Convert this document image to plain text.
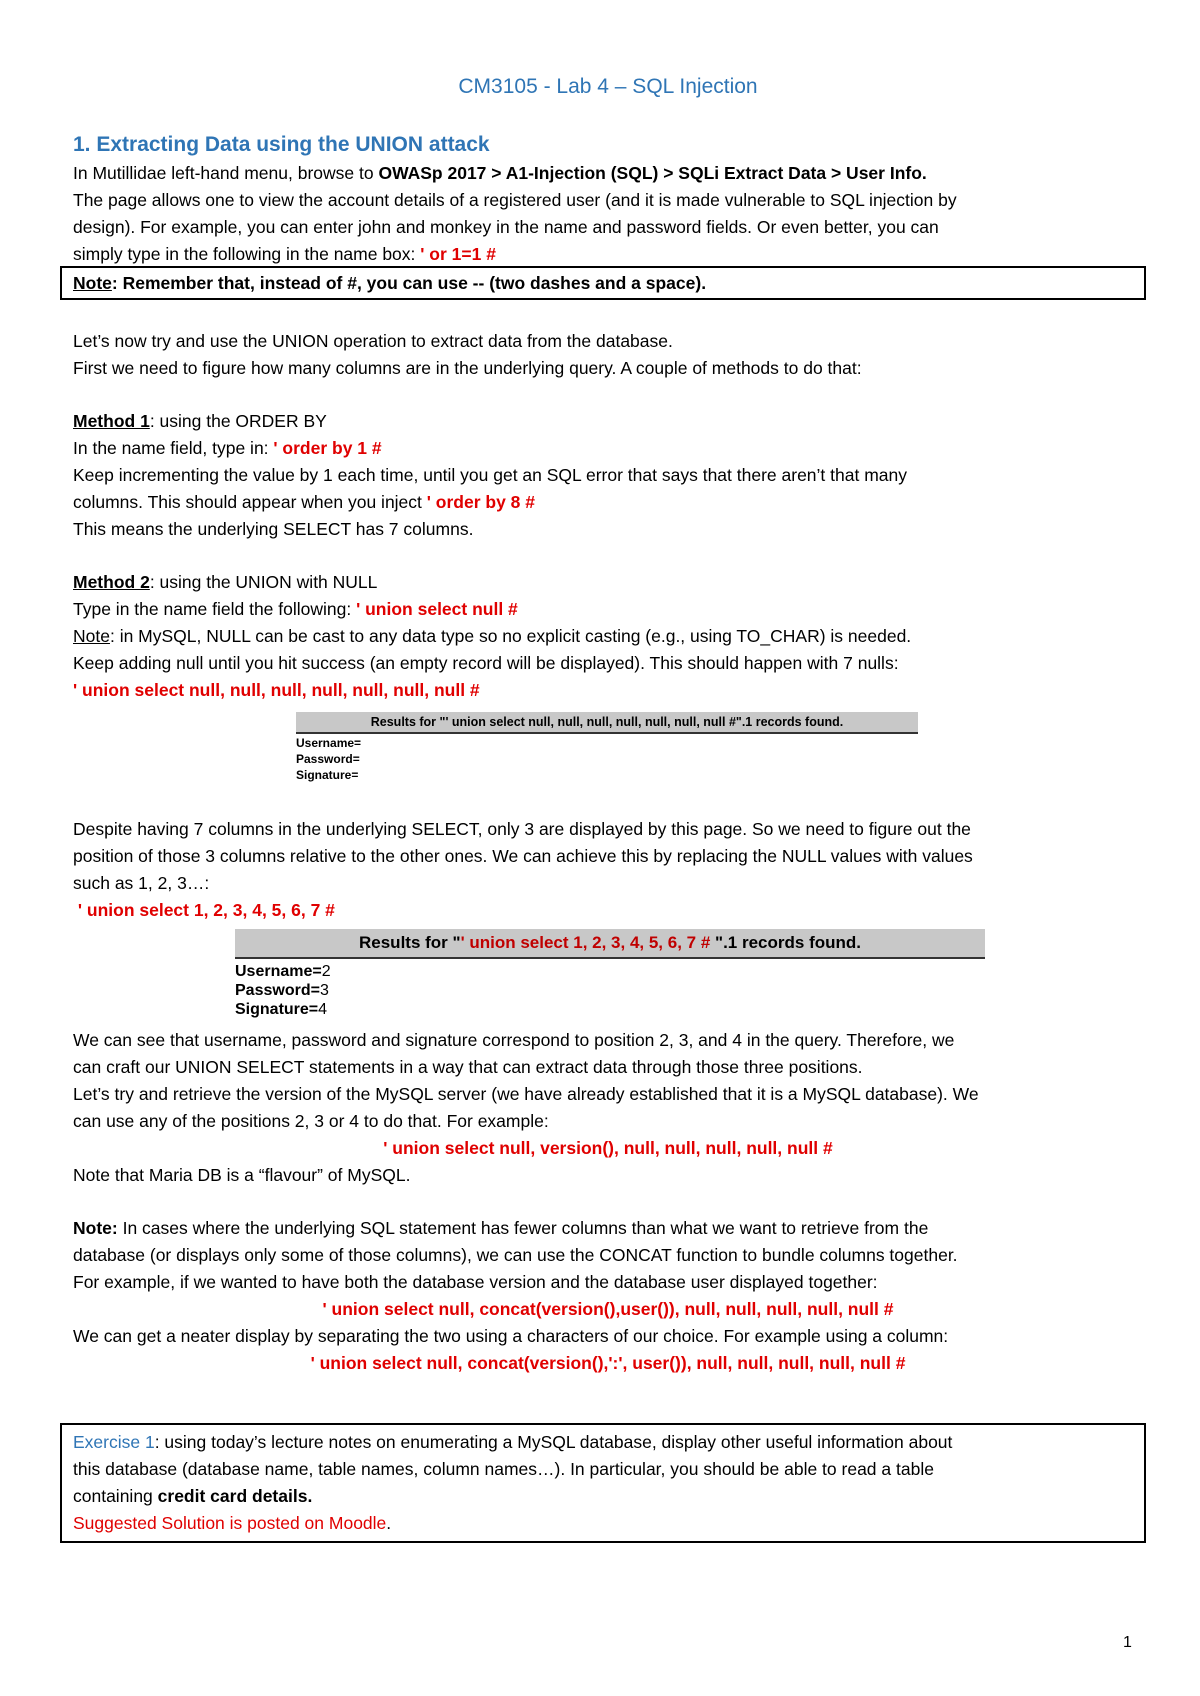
CM3105 - Lab 4 – SQL Injection
1. Extracting Data using the UNION attack
In Mutillidae left-hand menu, browse to OWASp 2017 > A1-Injection (SQL) > SQLi Extract Data > User Info.
The page allows one to view the account details of a registered user (and it is made vulnerable to SQL injection by
design). For example, you can enter john and monkey in the name and password fields. Or even better, you can
simply type in the following in the name box: ' or 1=1 #
Note: Remember that, instead of #, you can use -- (two dashes and a space).
Let’s now try and use the UNION operation to extract data from the database.
First we need to figure how many columns are in the underlying query. A couple of methods to do that:
Method 1: using the ORDER BY
In the name field, type in: ' order by 1 #
Keep incrementing the value by 1 each time, until you get an SQL error that says that there aren’t that many
columns. This should appear when you inject ' order by 8 #
This means the underlying SELECT has 7 columns.
Method 2: using the UNION with NULL
Type in the name field the following: ' union select null #
Note: in MySQL, NULL can be cast to any data type so no explicit casting (e.g., using TO_CHAR) is needed.
Keep adding null until you hit success (an empty record will be displayed). This should happen with 7 nulls:
' union select null, null, null, null, null, null, null #
Results for "' union select null, null, null, null, null, null, null #".1 records found.
Username=
Password=
Signature=
Despite having 7 columns in the underlying SELECT, only 3 are displayed by this page. So we need to figure out the
position of those 3 columns relative to the other ones. We can achieve this by replacing the NULL values with values
such as 1, 2, 3…:
' union select 1, 2, 3, 4, 5, 6, 7 #
Results for "' union select 1, 2, 3, 4, 5, 6, 7 # ".1 records found.
Username=2
Password=3
Signature=4
We can see that username, password and signature correspond to position 2, 3, and 4 in the query. Therefore, we
can craft our UNION SELECT statements in a way that can extract data through those three positions.
Let’s try and retrieve the version of the MySQL server (we have already established that it is a MySQL database). We
can use any of the positions 2, 3 or 4 to do that. For example:
' union select null, version(), null, null, null, null, null #
Note that Maria DB is a “flavour” of MySQL.
Note: In cases where the underlying SQL statement has fewer columns than what we want to retrieve from the
database (or displays only some of those columns), we can use the CONCAT function to bundle columns together.
For example, if we wanted to have both the database version and the database user displayed together:
' union select null, concat(version(),user()), null, null, null, null, null #
We can get a neater display by separating the two using a characters of our choice. For example using a column:
' union select null, concat(version(),':', user()), null, null, null, null, null #
Exercise 1: using today’s lecture notes on enumerating a MySQL database, display other useful information about
this database (database name, table names, column names…). In particular, you should be able to read a table
containing credit card details.
Suggested Solution is posted on Moodle.
1
